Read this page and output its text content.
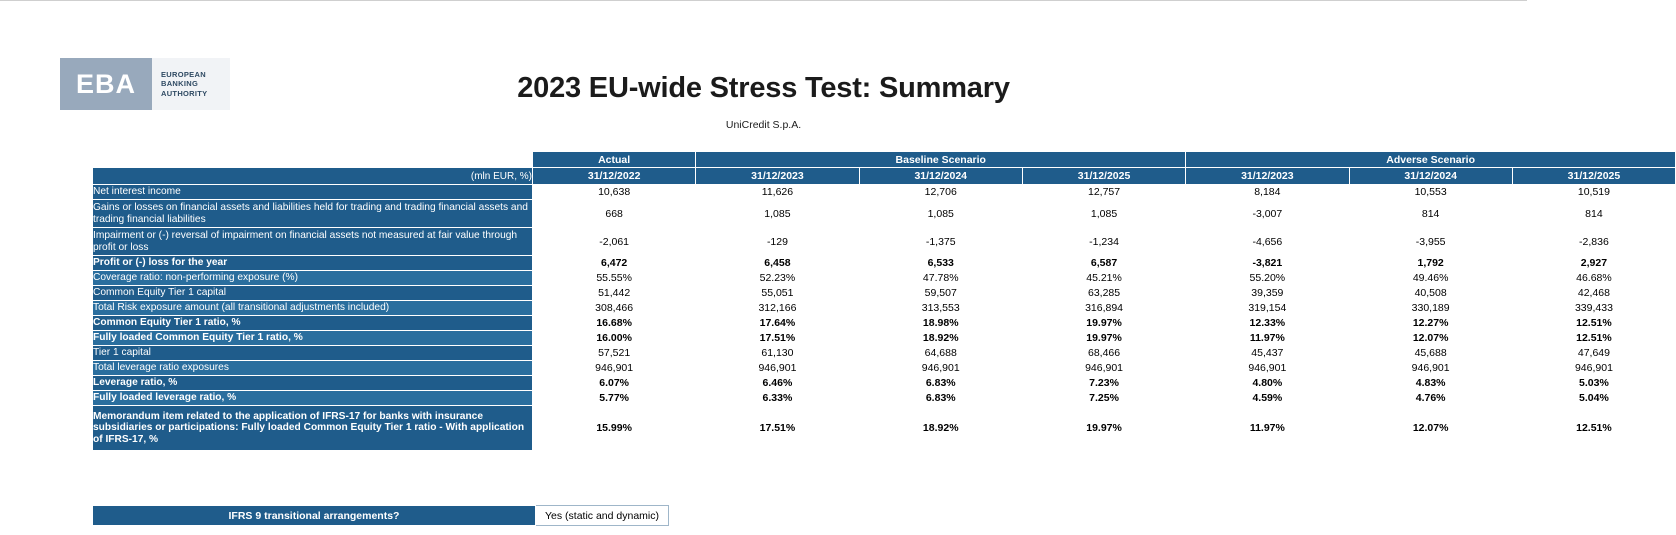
EBA	EUROPEAN
BANKING
AUTHORITY	2023 EU-wide Stress Test: Summary
UniCredit S.p.A.
	Actual	Baseline Scenario			Adverse Scenario		
(mln EUR, %)	31/12/2022	31/12/2023	31/12/2024	31/12/2025	31/12/2023	31/12/2024	31/12/2025
Net interest income	10,638	11,626	12,706	12,757	8,184	10,553	10,519
Gains or losses on financial assets and liabilities held for trading and trading financial assets and trading financial liabilities	668	1,085	1,085	1,085	-3,007	814	814
Impairment or (-) reversal of impairment on financial assets not measured at fair value through profit or loss	-2,061	-129	-1,375	-1,234	-4,656	-3,955	-2,836
Profit or (-) loss for the year	6,472	6,458	6,533	6,587	-3,821	1,792	2,927
Coverage ratio: non-performing exposure (%)	55.55%	52.23%	47.78%	45.21%	55.20%	49.46%	46.68%
Common Equity Tier 1 capital	51,442	55,051	59,507	63,285	39,359	40,508	42,468
Total Risk exposure amount (all transitional adjustments included)	308,466	312,166	313,553	316,894	319,154	330,189	339,433
Common Equity Tier 1 ratio, %	16.68%	17.64%	18.98%	19.97%	12.33%	12.27%	12.51%
Fully loaded Common Equity Tier 1 ratio, %	16.00%	17.51%	18.92%	19.97%	11.97%	12.07%	12.51%
Tier 1 capital	57,521	61,130	64,688	68,466	45,437	45,688	47,649
Total leverage ratio exposures	946,901	946,901	946,901	946,901	946,901	946,901	946,901
Leverage ratio, %	6.07%	6.46%	6.83%	7.23%	4.80%	4.83%	5.03%
Fully loaded leverage ratio, %	5.77%	6.33%	6.83%	7.25%	4.59%	4.76%	5.04%
Memorandum item related to the application of IFRS-17 for banks with insurance subsidiaries or participations: Fully loaded Common Equity Tier 1 ratio - With application of IFRS-17, %	15.99%	17.51%	18.92%	19.97%	11.97%	12.07%	12.51%
IFRS 9 transitional arrangements?	Yes (static and dynamic)
